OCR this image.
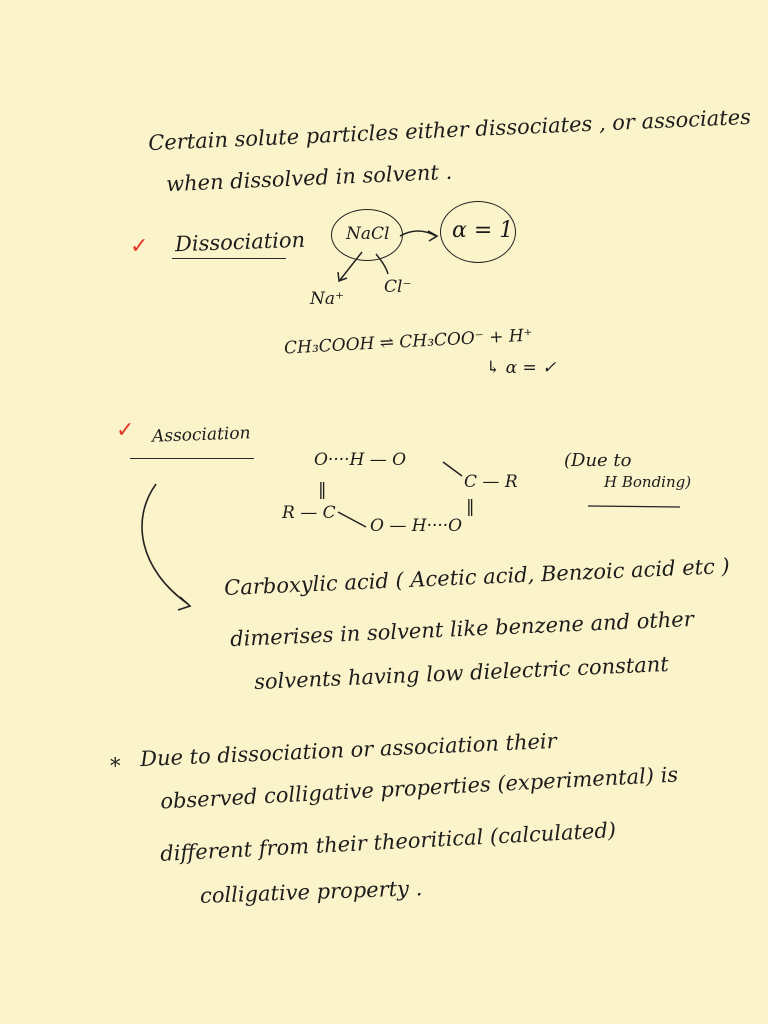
Certain solute particles either dissociates , or associates
when dissolved in solvent .
✓ Dissociation NaCl	α = 1
Na⁺
Cl⁻
CH₃COOH ⇌ CH₃COO⁻ + H⁺
↳ α = ✓
✓ Association
O····H — O
‖
R — C
C — R
‖
O — H····O
(Due to
H Bonding)
Carboxylic acid ( Acetic acid, Benzoic acid etc )
dimerises in solvent like benzene and other
solvents having low dielectric constant
* Due to dissociation or association their
observed colligative properties (experimental) is
different from their theoritical (calculated)
colligative property .
